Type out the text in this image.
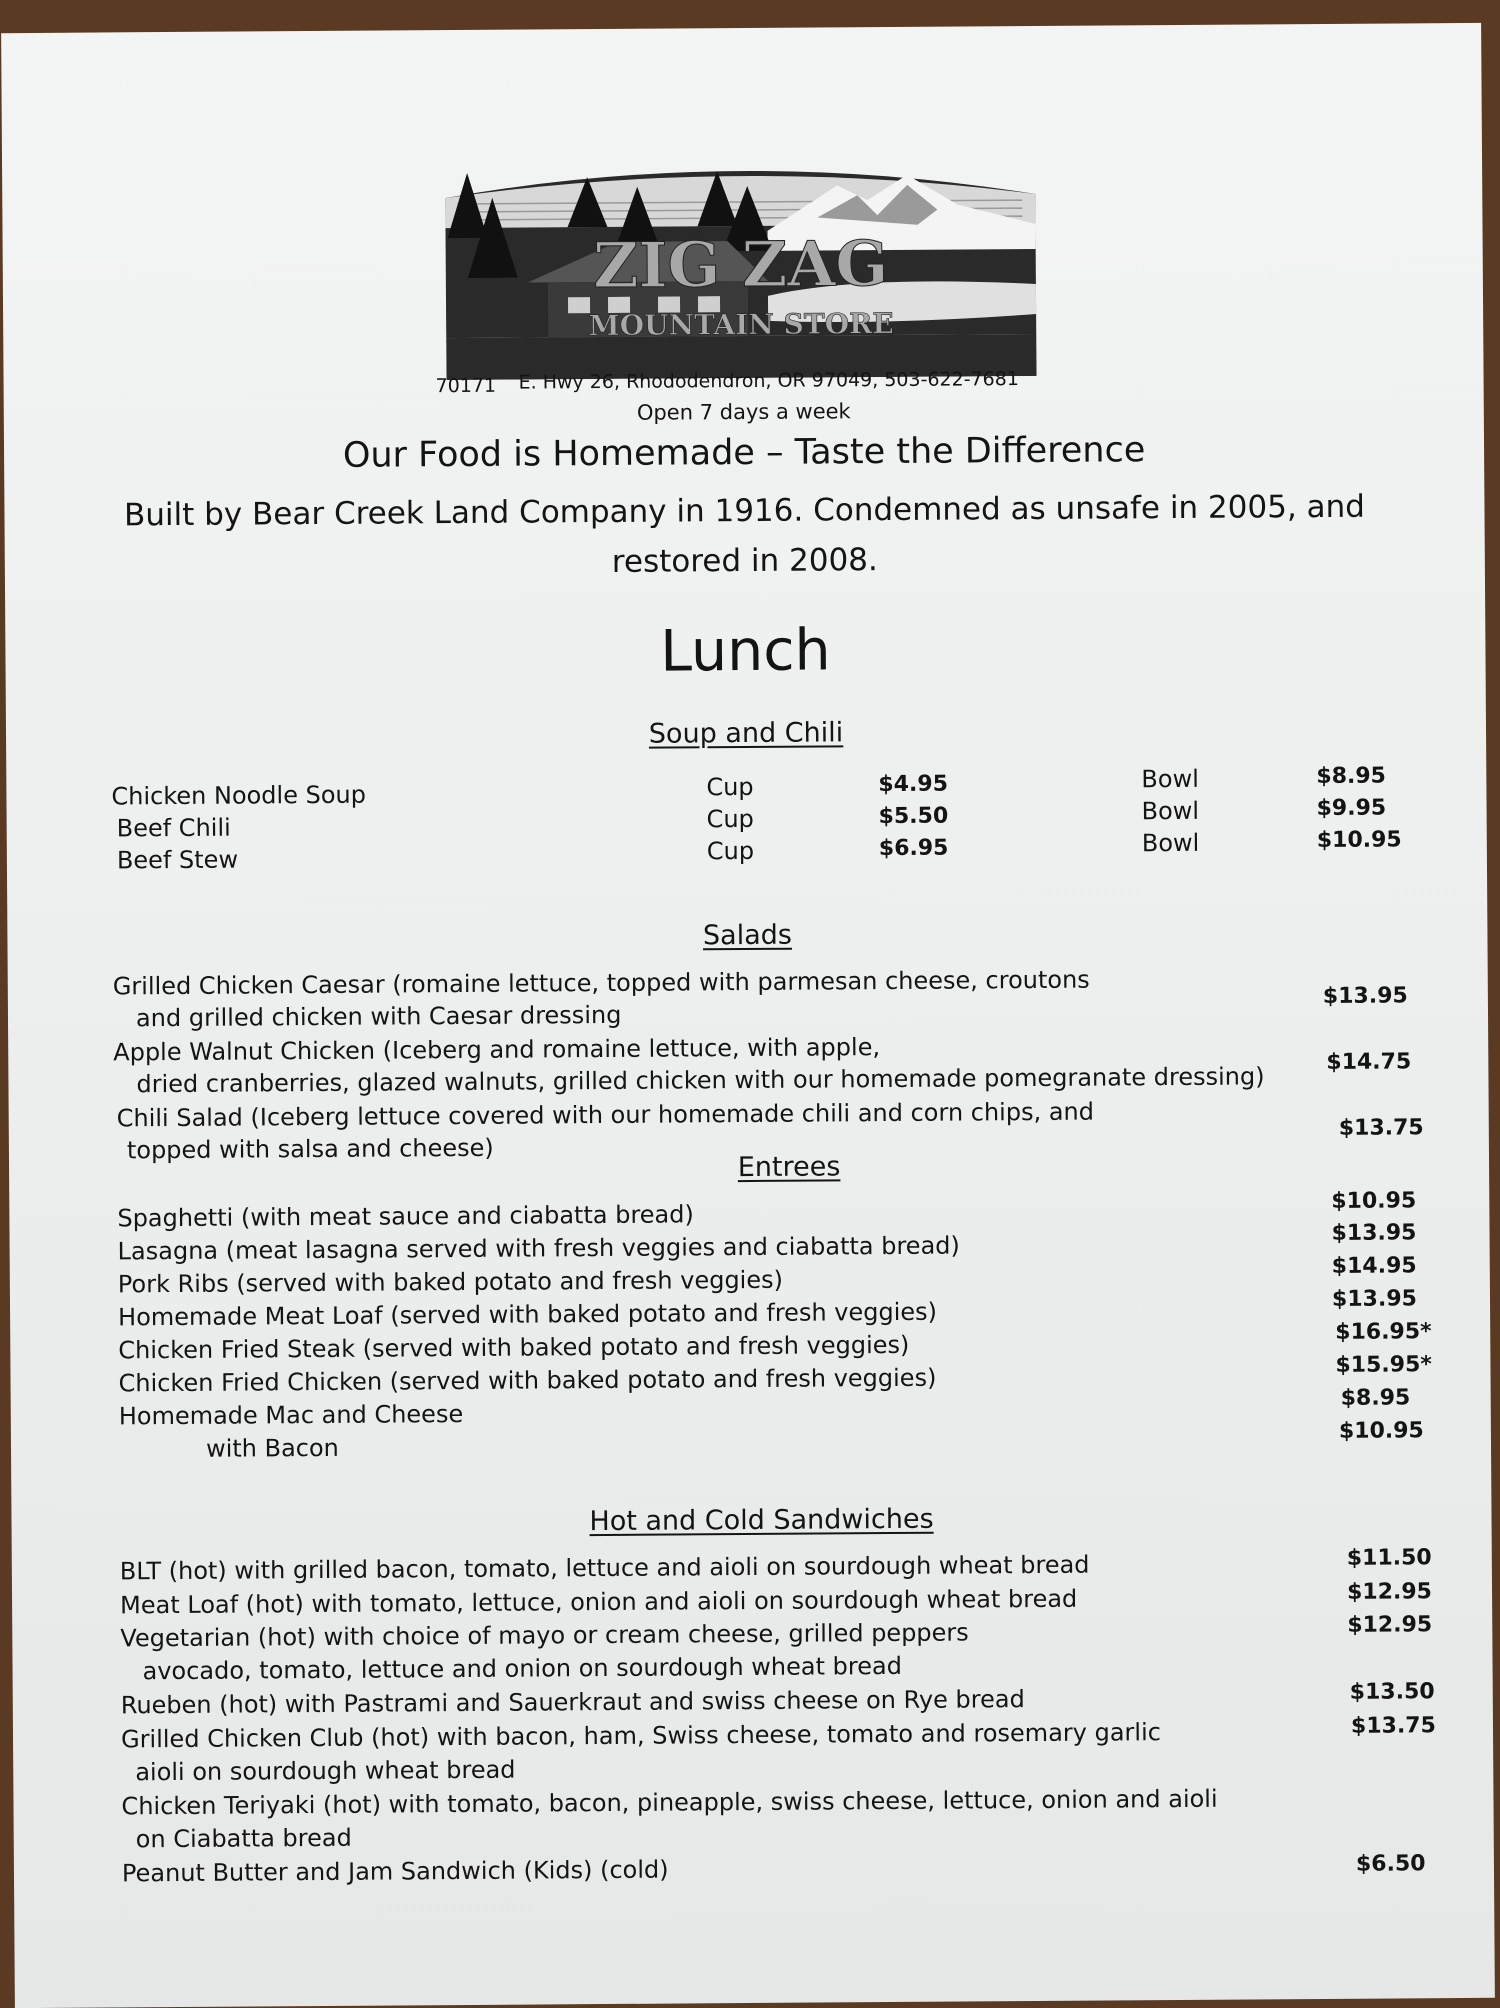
ZIG ZAG
MOUNTAIN STORE
70171 E. Hwy 26, Rhododendron, OR 97049, 503-622-7681
Open 7 days a week
Our Food is Homemade – Taste the Difference
Built by Bear Creek Land Company in 1916. Condemned as unsafe in 2005, and
restored in 2008.
Lunch
Soup and Chili
Chicken Noodle Soup	Cup	$4.95	Bowl	$8.95
Beef Chili	Cup	$5.50	Bowl	$9.95
Beef Stew	Cup	$6.95	Bowl	$10.95
Salads
Grilled Chicken Caesar (romaine lettuce, topped with parmesan cheese, croutons
and grilled chicken with Caesar dressing
$13.95
Apple Walnut Chicken (Iceberg and romaine lettuce, with apple,
dried cranberries, glazed walnuts, grilled chicken with our homemade pomegranate dressing)
$14.75
Chili Salad (Iceberg lettuce covered with our homemade chili and corn chips, and
topped with salsa and cheese)
$13.75
Entrees
Spaghetti (with meat sauce and ciabatta bread)	$10.95
Lasagna (meat lasagna served with fresh veggies and ciabatta bread)	$13.95
Pork Ribs (served with baked potato and fresh veggies)	$14.95
Homemade Meat Loaf (served with baked potato and fresh veggies)	$13.95
Chicken Fried Steak (served with baked potato and fresh veggies)	$16.95*
Chicken Fried Chicken (served with baked potato and fresh veggies)	$15.95*
Homemade Mac and Cheese
$8.95
with Bacon
$10.95
Hot and Cold Sandwiches
BLT (hot) with grilled bacon, tomato, lettuce and aioli on sourdough wheat bread	$11.50
Meat Loaf (hot) with tomato, lettuce, onion and aioli on sourdough wheat bread	$12.95
Vegetarian (hot) with choice of mayo or cream cheese, grilled peppers
avocado, tomato, lettuce and onion on sourdough wheat bread
$12.95
Rueben (hot) with Pastrami and Sauerkraut and swiss cheese on Rye bread	$13.50
Grilled Chicken Club (hot) with bacon, ham, Swiss cheese, tomato and rosemary garlic
aioli on sourdough wheat bread
$13.75
Chicken Teriyaki (hot) with tomato, bacon, pineapple, swiss cheese, lettuce, onion and aioli
on Ciabatta bread
Peanut Butter and Jam Sandwich (Kids) (cold)	$6.50
